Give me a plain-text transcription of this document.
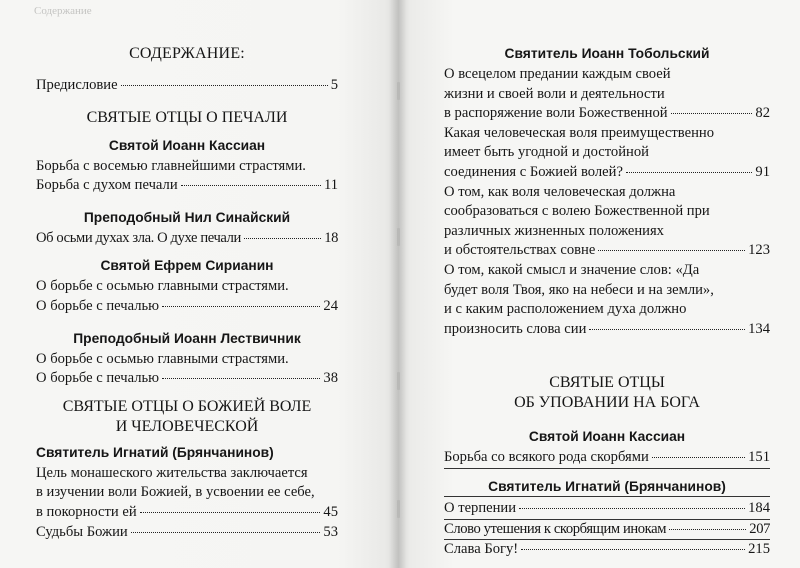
Содержание
СОДЕРЖАНИЕ:
Предисловие	5
СВЯТЫЕ ОТЦЫ О ПЕЧАЛИ
Святой Иоанн Кассиан
Борьба с восемью главнейшими страстями.
Борьба с духом печали	11
Преподобный Нил Синайский
Об осьми духах зла. О духе печали	18
Святой Ефрем Сирианин
О борьбе с осьмью главными страстями.
О борьбе с печалью	24
Преподобный Иоанн Лествичник
О борьбе с осьмью главными страстями.
О борьбе с печалью	38
СВЯТЫЕ ОТЦЫ О БОЖИЕЙ ВОЛЕ
И ЧЕЛОВЕЧЕСКОЙ
Святитель Игнатий (Брянчанинов)
Цель монашеского жительства заключается
в изучении воли Божией, в усвоении ее себе,
в покорности ей	45
Судьбы Божии	53
Святитель Иоанн Тобольский
О всецелом предании каждым своей
жизни и своей воли и деятельности
в распоряжение воли Божественной	82
Какая человеческая воля преимущественно
имеет быть угодной и достойной
соединения с Божией волей?	91
О том, как воля человеческая должна
сообразоваться с волею Божественной при
различных жизненных положениях
и обстоятельствах совне	123
О том, какой смысл и значение слов: «Да
будет воля Твоя, яко на небеси и на земли»,
и с каким расположением духа должно
произносить слова сии	134
СВЯТЫЕ ОТЦЫ
ОБ УПОВАНИИ НА БОГА
Святой Иоанн Кассиан
Борьба со всякого рода скорбями	151
Святитель Игнатий (Брянчанинов)
О терпении	184
Слово утешения к скорбящим инокам	207
Слава Богу!	215
